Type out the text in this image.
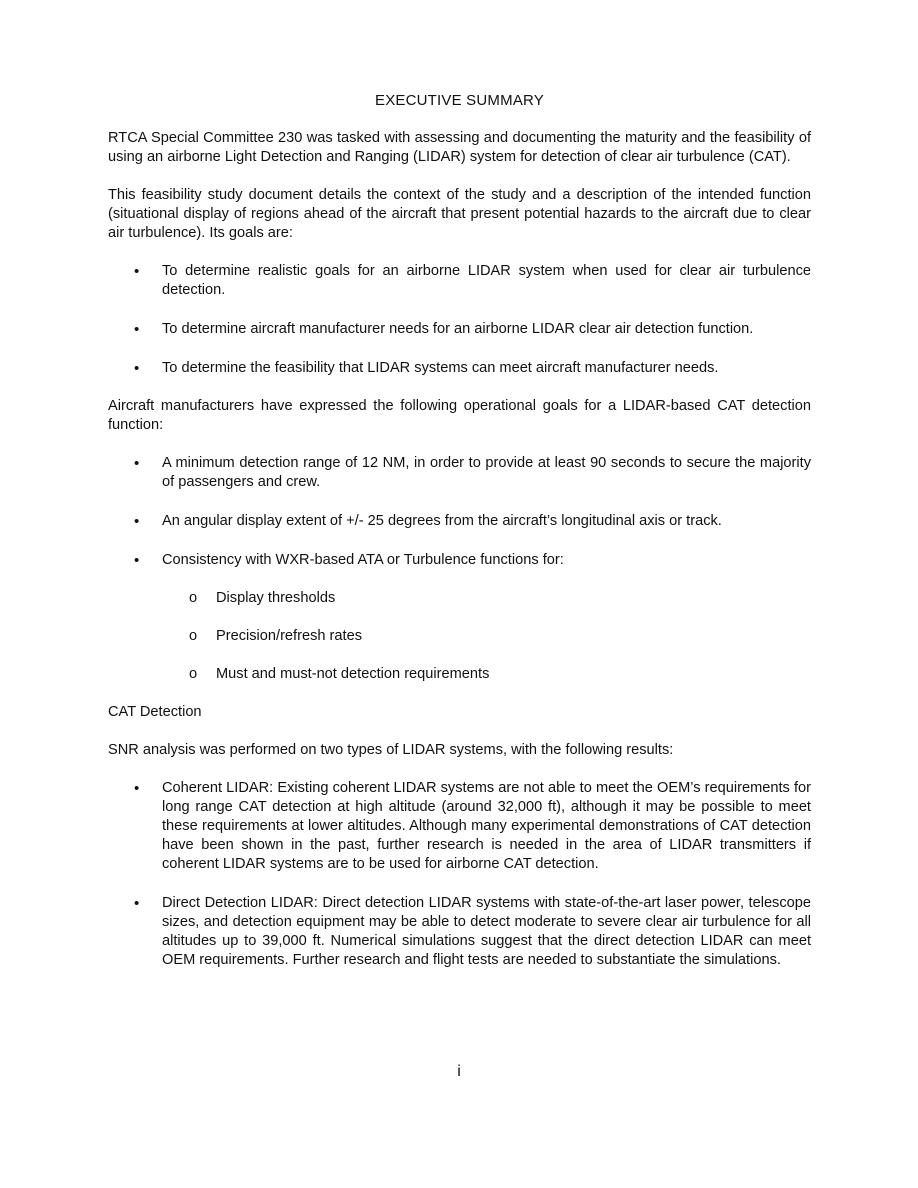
EXECUTIVE SUMMARY

RTCA Special Committee 230 was tasked with assessing and documenting the maturity and the feasibility of using an airborne Light Detection and Ranging (LIDAR) system for detection of clear air turbulence (CAT).

This feasibility study document details the context of the study and a description of the intended function (situational display of regions ahead of the aircraft that present potential hazards to the aircraft due to clear air turbulence). Its goals are:

• To determine realistic goals for an airborne LIDAR system when used for clear air turbulence detection.
• To determine aircraft manufacturer needs for an airborne LIDAR clear air detection function.
• To determine the feasibility that LIDAR systems can meet aircraft manufacturer needs.

Aircraft manufacturers have expressed the following operational goals for a LIDAR-based CAT detection function:

• A minimum detection range of 12 NM, in order to provide at least 90 seconds to secure the majority of passengers and crew.
• An angular display extent of +/- 25 degrees from the aircraft’s longitudinal axis or track.
• Consistency with WXR-based ATA or Turbulence functions for:
o Display thresholds
o Precision/refresh rates
o Must and must-not detection requirements
CAT Detection

SNR analysis was performed on two types of LIDAR systems, with the following results:

• Coherent LIDAR: Existing coherent LIDAR systems are not able to meet the OEM’s requirements for long range CAT detection at high altitude (around 32,000 ft), although it may be possible to meet these requirements at lower altitudes. Although many experimental demonstrations of CAT detection have been shown in the past, further research is needed in the area of LIDAR transmitters if coherent LIDAR systems are to be used for airborne CAT detection.
• Direct Detection LIDAR: Direct detection LIDAR systems with state-of-the-art laser power, telescope sizes, and detection equipment may be able to detect moderate to severe clear air turbulence for all altitudes up to 39,000 ft. Numerical simulations suggest that the direct detection LIDAR can meet OEM requirements. Further research and flight tests are needed to substantiate the simulations.
i
